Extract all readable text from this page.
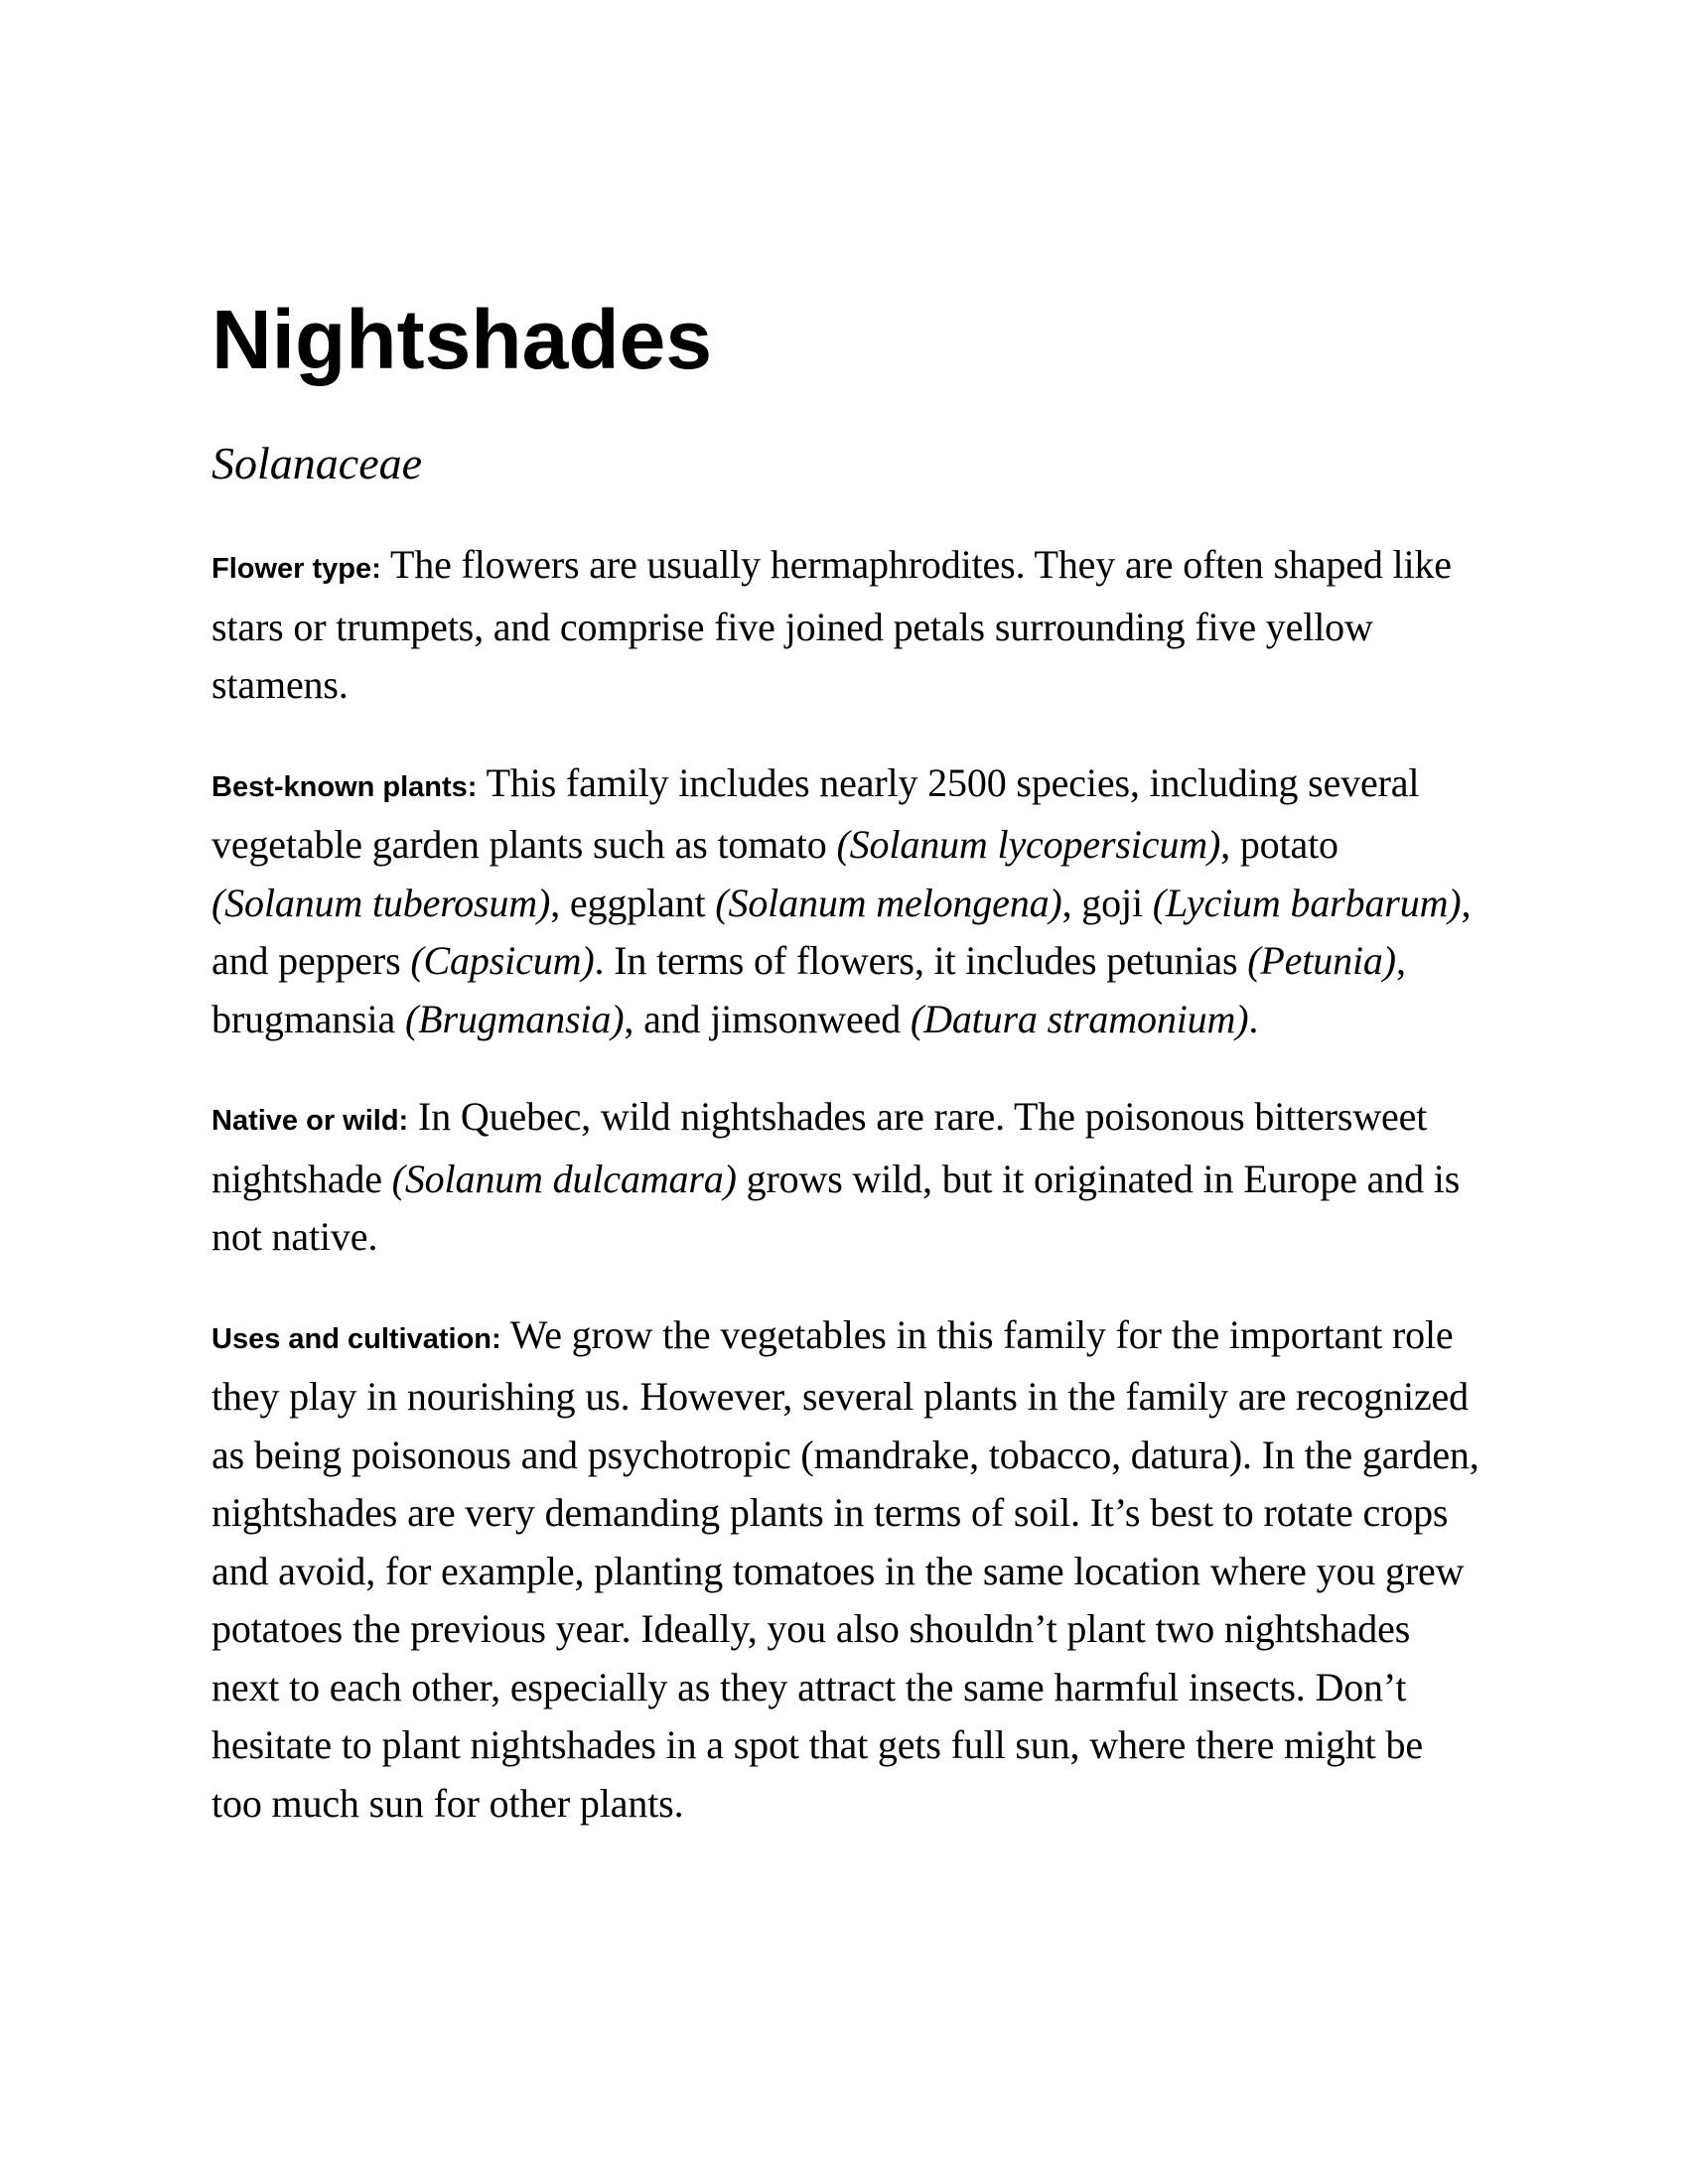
Nightshades
Solanaceae

Flower type: The flowers are usually hermaphrodites. They are often shaped like stars or trumpets, and comprise five joined petals surrounding five yellow stamens.

Best-known plants: This family includes nearly 2500 species, including several vegetable garden plants such as tomato (Solanum lycopersicum), potato (Solanum tuberosum), eggplant (Solanum melongena), goji (Lycium barbarum), and peppers (Capsicum). In terms of flowers, it includes petunias (Petunia), brugmansia (Brugmansia), and jimsonweed (Datura stramonium).

Native or wild: In Quebec, wild nightshades are rare. The poisonous bittersweet nightshade (Solanum dulcamara) grows wild, but it originated in Europe and is not native.

Uses and cultivation: We grow the vegetables in this family for the important role they play in nourishing us. However, several plants in the family are recognized as being poisonous and psychotropic (mandrake, tobacco, datura). In the garden, nightshades are very demanding plants in terms of soil. It’s best to rotate crops and avoid, for example, planting tomatoes in the same location where you grew potatoes the previous year. Ideally, you also shouldn’t plant two nightshades next to each other, especially as they attract the same harmful insects. Don’t hesitate to plant nightshades in a spot that gets full sun, where there might be too much sun for other plants.
